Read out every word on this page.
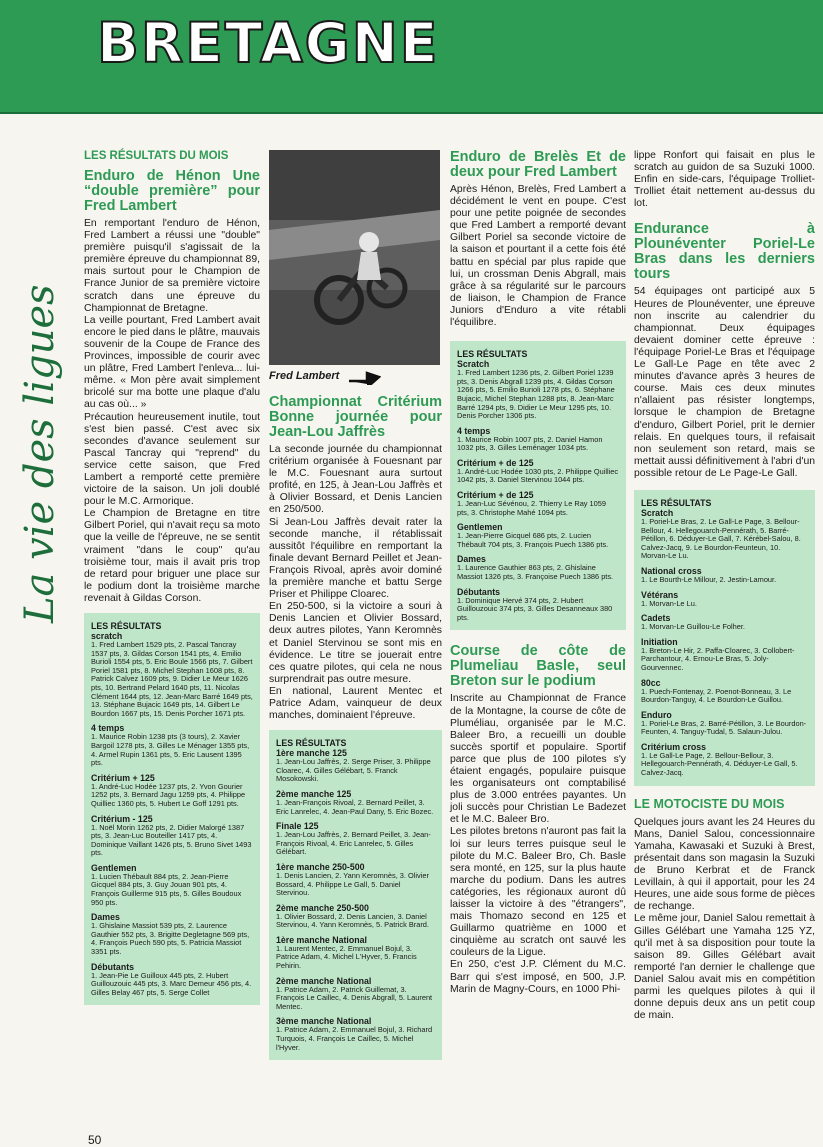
BRETAGNE
La vie des ligues
LES RÉSULTATS DU MOIS
Enduro de Hénon Une “double première” pour Fred Lambert

En remportant l'enduro de Hénon, Fred Lambert a réussi une "double" première puisqu'il s'agissait de la première épreuve du championnat 89, mais surtout pour le Champion de France Junior de sa première victoire scratch dans une épreuve du Championnat de Bretagne.

La veille pourtant, Fred Lambert avait encore le pied dans le plâtre, mauvais souvenir de la Coupe de France des Provinces, impossible de courir avec un plâtre, Fred Lambert l'enleva... lui-même. « Mon père avait simplement bricolé sur ma botte une plaque d'alu au cas où... »

Précaution heureusement inutile, tout s'est bien passé. C'est avec six secondes d'avance seulement sur Pascal Tancray qui "reprend" du service cette saison, que Fred Lambert a remporté cette première victoire de la saison. Un joli doublé pour le M.C. Armorique.

Le Champion de Bretagne en titre Gilbert Poriel, qui n'avait reçu sa moto que la veille de l'épreuve, ne se sentit vraiment "dans le coup" qu'au troisième tour, mais il avait pris trop de retard pour briguer une place sur le podium dont la troisième marche revenait à Gildas Corson.

LES RÉSULTATS
scratch
1. Fred Lambert 1529 pts, 2. Pascal Tancray 1537 pts, 3. Gildas Corson 1541 pts, 4. Emilio Burioli 1554 pts, 5. Eric Boule 1566 pts, 7. Gilbert Poriel 1581 pts, 8. Michel Stephan 1608 pts, 8. Patrick Calvez 1609 pts, 9. Didier Le Meur 1626 pts, 10. Bertrand Pelard 1640 pts, 11. Nicolas Clément 1644 pts, 12. Jean-Marc Barré 1649 pts, 13. Stéphane Bujacic 1649 pts, 14. Gilbert Le Bourdon 1667 pts, 15. Denis Porcher 1671 pts.
4 temps
1. Maurice Robin 1238 pts (3 tours), 2. Xavier Bargoil 1278 pts, 3. Gilles Le Ménager 1355 pts, 4. Armel Rupin 1361 pts, 5. Eric Lausent 1395 pts.
Critérium + 125
1. André-Luc Hodée 1237 pts, 2. Yvon Gourier 1252 pts, 3. Bernard Jagu 1259 pts, 4. Philippe Quilliec 1360 pts, 5. Hubert Le Goff 1291 pts.
Critérium - 125
1. Noël Morin 1262 pts, 2. Didier Malorgé 1387 pts, 3. Jean-Luc Bouteiller 1417 pts, 4. Dominique Vaillant 1426 pts, 5. Bruno Sivet 1493 pts.
Gentlemen
1. Lucien Thébault 884 pts, 2. Jean-Pierre Gicquel 884 pts, 3. Guy Jouan 901 pts, 4. François Guillerme 915 pts, 5. Gilles Boudoux 950 pts.
Dames
1. Ghislaine Massiot 539 pts, 2. Laurence Gauthier 552 pts, 3. Brigitte Degletagne 569 pts, 4. François Puech 590 pts, 5. Patricia Massiot 3351 pts.
Débutants
1. Jean-Pie Le Guilloux 445 pts, 2. Hubert Guillouzouic 445 pts, 3. Marc Demeur 456 pts, 4. Gilles Belay 467 pts, 5. Serge Collet
Fred Lambert
Championnat Critérium Bonne journée pour Jean-Lou Jaffrès

La seconde journée du championnat critérium organisée à Fouesnant par le M.C. Fouesnant aura surtout profité, en 125, à Jean-Lou Jaffrès et à Olivier Bossard, et Denis Lancien en 250/500.

Si Jean-Lou Jaffrès devait rater la seconde manche, il rétablissait aussitôt l'équilibre en remportant la finale devant Bernard Peillet et Jean-François Rivoal, après avoir dominé la première manche et battu Serge Priser et Philippe Cloarec.

En 250-500, si la victoire a souri à Denis Lancien et Olivier Bossard, deux autres pilotes, Yann Keromnès et Daniel Stervinou se sont mis en évidence. Le titre se jouerait entre ces quatre pilotes, qui cela ne nous surprendrait pas outre mesure.

En national, Laurent Mentec et Patrice Adam, vainqueur de deux manches, dominaient l'épreuve.

LES RÉSULTATS
1ère manche 125
1. Jean-Lou Jaffrès, 2. Serge Priser, 3. Philippe Cloarec, 4. Gilles Gélébart, 5. Franck Mosokowski.
2ème manche 125
1. Jean-François Rivoal, 2. Bernard Peillet, 3. Eric Lanrelec, 4. Jean-Paul Dany, 5. Eric Bozec.
Finale 125
1. Jean-Lou Jaffrès, 2. Bernard Peillet, 3. Jean-François Rivoal, 4. Eric Lanrelec, 5. Gilles Gélébart.
1ère manche 250-500
1. Denis Lancien, 2. Yann Keromnès, 3. Olivier Bossard, 4. Philippe Le Gall, 5. Daniel Stervinou.
2ème manche 250-500
1. Olivier Bossard, 2. Denis Lancien, 3. Daniel Stervinou, 4. Yann Keromnès, 5. Patrick Brard.
1ère manche National
1. Laurent Mentec, 2. Emmanuel Bojul, 3. Patrice Adam, 4. Michel L'Hyver, 5. Francis Pehirin.
2ème manche National
1. Patrice Adam, 2. Patrick Guillemat, 3. François Le Caillec, 4. Denis Abgrall, 5. Laurent Mentec.
3ème manche National
1. Patrice Adam, 2. Emmanuel Bojul, 3. Richard Turquois, 4. François Le Caillec, 5. Michel l'Hyver.
Enduro de Brelès Et de deux pour Fred Lambert

Après Hénon, Brelès, Fred Lambert a décidément le vent en poupe. C'est pour une petite poignée de secondes que Fred Lambert a remporté devant Gilbert Poriel sa seconde victoire de la saison et pourtant il a cette fois été battu en spécial par plus rapide que lui, un crossman Denis Abgrall, mais grâce à sa régularité sur le parcours de liaison, le Champion de France Juniors d'Enduro a vite rétabli l'équilibre.

LES RÉSULTATS
Scratch
1. Fred Lambert 1236 pts, 2. Gilbert Poriel 1239 pts, 3. Denis Abgrall 1239 pts, 4. Gildas Corson 1266 pts, 5. Emilio Burioli 1278 pts, 6. Stéphane Bujacic, Michel Stephan 1288 pts, 8. Jean-Marc Barré 1294 pts, 9. Didier Le Meur 1295 pts, 10. Denis Porcher 1306 pts.
4 temps
1. Maurice Robin 1007 pts, 2. Daniel Hamon 1032 pts, 3. Gilles Leménager 1034 pts.
Critérium + de 125
1. André-Luc Hodée 1030 pts, 2. Philippe Quilliec 1042 pts, 3. Daniel Stervinou 1044 pts.
Critérium + de 125
1. Jean-Luc Sévénou, 2. Thierry Le Ray 1059 pts, 3. Christophe Mahé 1094 pts.
Gentlemen
1. Jean-Pierre Gicquel 686 pts, 2. Lucien Thébault 704 pts, 3. François Puech 1386 pts.
Dames
1. Laurence Gauthier 863 pts, 2. Ghislaine Massiot 1326 pts, 3. Françoise Puech 1386 pts.
Débutants
1. Dominique Hervé 374 pts, 2. Hubert Guillouzouic 374 pts, 3. Gilles Desanneaux 380 pts.
Course de côte de Plumeliau Basle, seul Breton sur le podium

Inscrite au Championnat de France de la Montagne, la course de côte de Pluméliau, organisée par le M.C. Baleer Bro, a recueilli un double succès sportif et populaire. Sportif parce que plus de 100 pilotes s'y étaient engagés, populaire puisque les organisateurs ont comptabilisé plus de 3.000 entrées payantes. Un joli succès pour Christian Le Badezet et le M.C. Baleer Bro.

Les pilotes bretons n'auront pas fait la loi sur leurs terres puisque seul le pilote du M.C. Baleer Bro, Ch. Basle sera monté, en 125, sur la plus haute marche du podium. Dans les autres catégories, les régionaux auront dû laisser la victoire à des "étrangers", mais Thomazo second en 125 et Guillarmo quatrième en 1000 et cinquième au scratch ont sauvé les couleurs de la Ligue.

En 250, c'est J.P. Clément du M.C. Barr qui s'est imposé, en 500, J.P. Marin de Magny-Cours, en 1000 Phi-

lippe Ronfort qui faisait en plus le scratch au guidon de sa Suzuki 1000. Enfin en side-cars, l'équipage Trolliet-Trolliet était nettement au-dessus du lot.

Endurance à Plounéventer Poriel-Le Bras dans les derniers tours

54 équipages ont participé aux 5 Heures de Plounéventer, une épreuve non inscrite au calendrier du championnat. Deux équipages devaient dominer cette épreuve : l'équipage Poriel-Le Bras et l'équipage Le Gall-Le Page en tête avec 2 minutes d'avance après 3 heures de course. Mais ces deux minutes n'allaient pas résister longtemps, lorsque le champion de Bretagne d'enduro, Gilbert Poriel, prit le dernier relais. En quelques tours, il refaisait non seulement son retard, mais se mettait aussi définitivement à l'abri d'un possible retour de Le Page-Le Gall.

LES RÉSULTATS
Scratch
1. Poriel-Le Bras, 2. Le Gall-Le Page, 3. Bellour-Bellour, 4. Hellegouarch-Pennérath, 5. Barré-Pétillon, 6. Déduyer-Le Gall, 7. Kérébel-Salou, 8. Calvez-Jacq, 9. Le Bourdon-Feunteun, 10. Morvan-Le Lu.
National cross
1. Le Bourth-Le Millour, 2. Jestin-Lamour.
Vétérans
1. Morvan-Le Lu.
Cadets
1. Morvan-Le Guillou-Le Folher.
Initiation
1. Breton-Le Hir, 2. Paffa-Cloarec, 3. Collobert-Parchantour, 4. Ernou-Le Bras, 5. Joly-Gourvennec.
80cc
1. Puech-Fontenay, 2. Poenot-Bonneau, 3. Le Bourdon-Tanguy, 4. Le Bourdon-Le Guillou.
Enduro
1. Poriel-Le Bras, 2. Barré-Pétillon, 3. Le Bourdon-Feunten, 4. Tanguy-Tudal, 5. Salaun-Julou.
Critérium cross
1. Le Gall-Le Page, 2. Bellour-Bellour, 3. Hellegouarch-Pennérath, 4. Déduyer-Le Gall, 5. Calvez-Jacq.
LE MOTOCISTE DU MOIS

Quelques jours avant les 24 Heures du Mans, Daniel Salou, concessionnaire Yamaha, Kawasaki et Suzuki à Brest, présentait dans son magasin la Suzuki de Bruno Kerbrat et de Franck Levillain, à qui il apportait, pour les 24 Heures, une aide sous forme de pièces de rechange.

Le même jour, Daniel Salou remettait à Gilles Gélébart une Yamaha 125 YZ, qu'il met à sa disposition pour toute la saison 89. Gilles Gélébart avait remporté l'an dernier le challenge que Daniel Salou avait mis en compétition parmi les quelques pilotes à qui il donne depuis deux ans un petit coup de main.

50
